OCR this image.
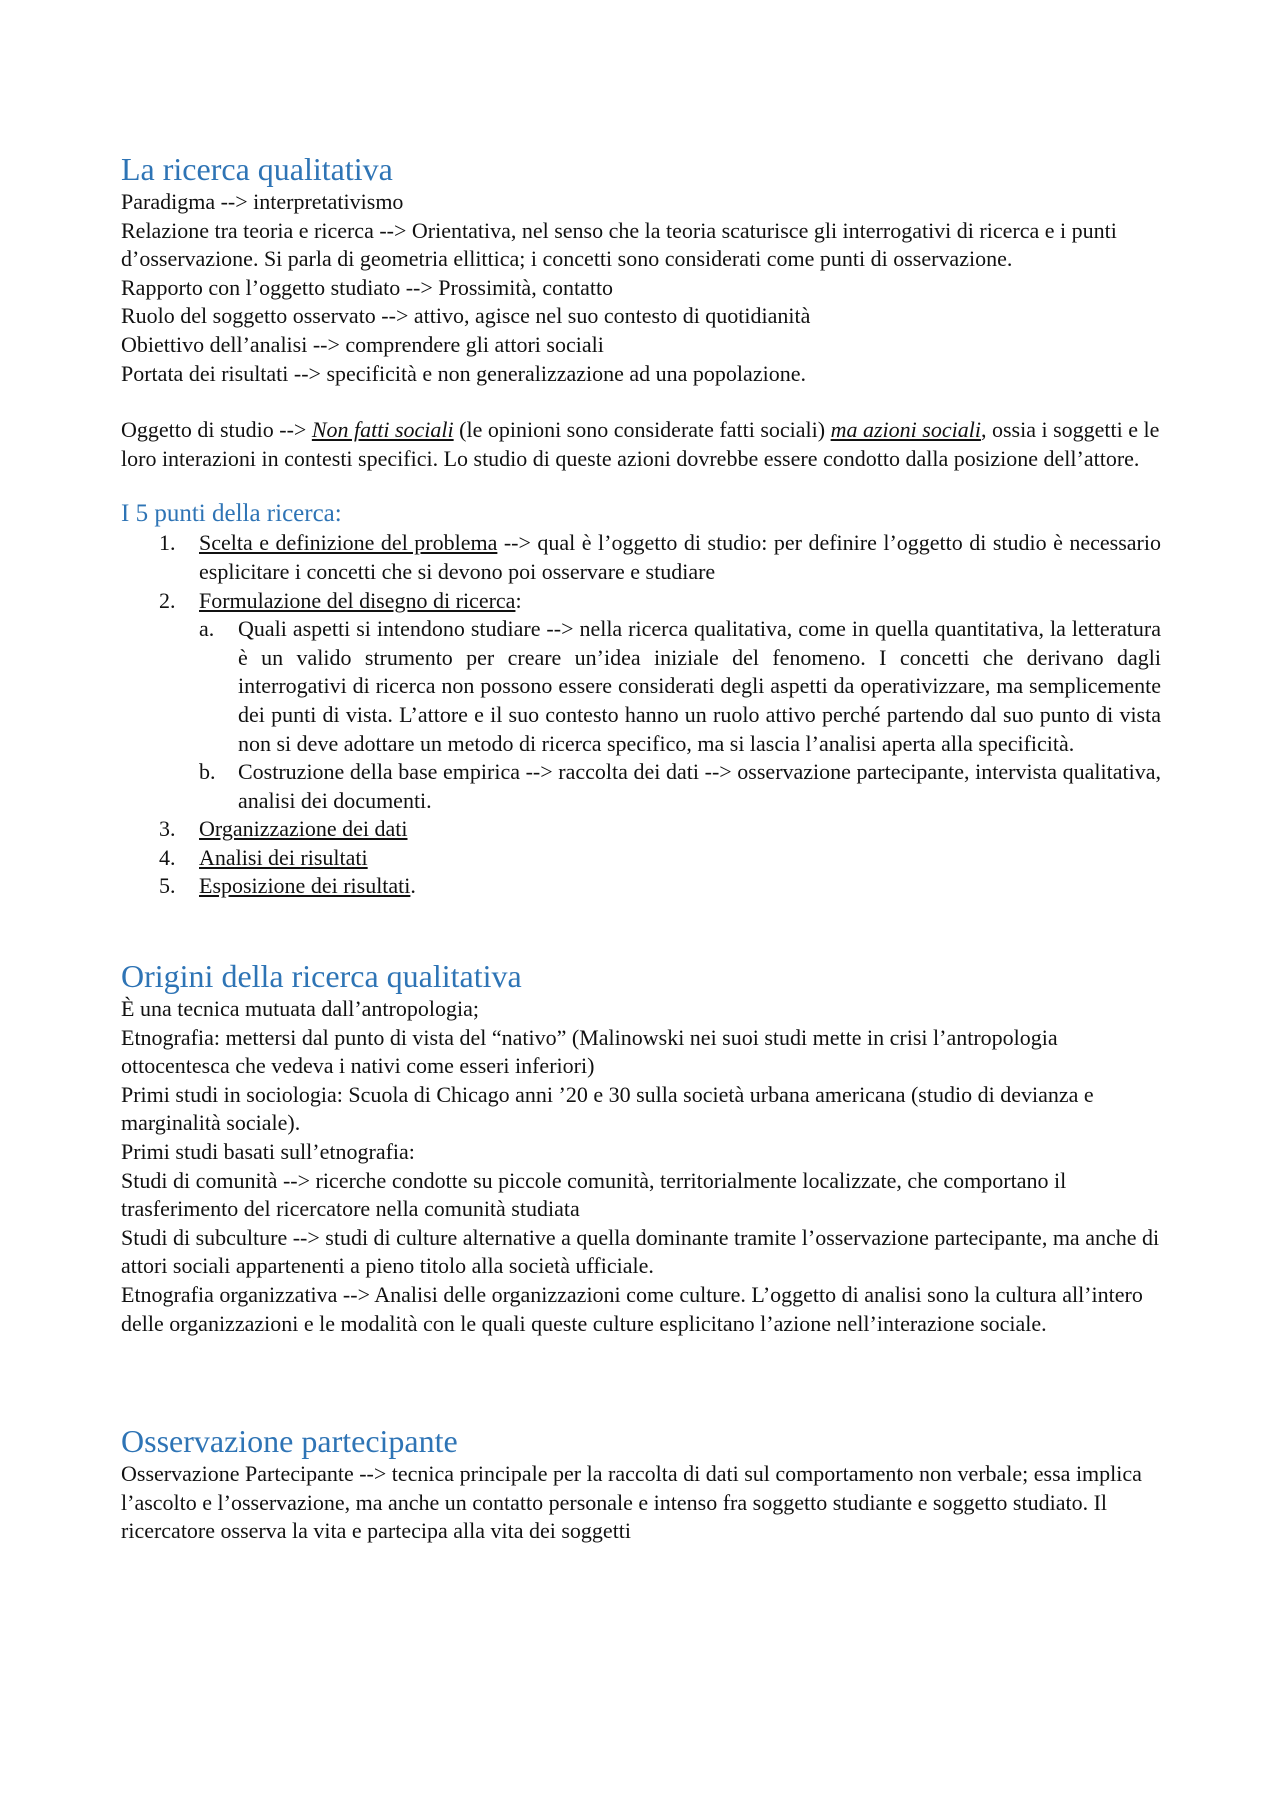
La ricerca qualitativa

Paradigma --> interpretativismo

Relazione tra teoria e ricerca --> Orientativa, nel senso che la teoria scaturisce gli interrogativi di ricerca e i punti d’osservazione. Si parla di geometria ellittica; i concetti sono considerati come punti di osservazione.

Rapporto con l’oggetto studiato --> Prossimità, contatto

Ruolo del soggetto osservato --> attivo, agisce nel suo contesto di quotidianità

Obiettivo dell’analisi --> comprendere gli attori sociali

Portata dei risultati --> specificità e non generalizzazione ad una popolazione.

Oggetto di studio --> Non fatti sociali (le opinioni sono considerate fatti sociali) ma azioni sociali, ossia i soggetti e le loro interazioni in contesti specifici. Lo studio di queste azioni dovrebbe essere condotto dalla posizione dell’attore.

I 5 punti della ricerca:
1. Scelta e definizione del problema --> qual è l’oggetto di studio: per definire l’oggetto di studio è necessario esplicitare i concetti che si devono poi osservare e studiare
2. Formulazione del disegno di ricerca:
a. Quali aspetti si intendono studiare --> nella ricerca qualitativa, come in quella quantitativa, la letteratura è un valido strumento per creare un’idea iniziale del fenomeno. I concetti che derivano dagli interrogativi di ricerca non possono essere considerati degli aspetti da operativizzare, ma semplicemente dei punti di vista. L’attore e il suo contesto hanno un ruolo attivo perché partendo dal suo punto di vista non si deve adottare un metodo di ricerca specifico, ma si lascia l’analisi aperta alla specificità.
b. Costruzione della base empirica --> raccolta dei dati --> osservazione partecipante, intervista qualitativa, analisi dei documenti.
3. Organizzazione dei dati
4. Analisi dei risultati
5. Esposizione dei risultati.
Origini della ricerca qualitativa

È una tecnica mutuata dall’antropologia;

Etnografia: mettersi dal punto di vista del “nativo” (Malinowski nei suoi studi mette in crisi l’antropologia ottocentesca che vedeva i nativi come esseri inferiori)

Primi studi in sociologia: Scuola di Chicago anni ’20 e 30 sulla società urbana americana (studio di devianza e marginalità sociale).

Primi studi basati sull’etnografia:

Studi di comunità --> ricerche condotte su piccole comunità, territorialmente localizzate, che comportano il trasferimento del ricercatore nella comunità studiata

Studi di subculture --> studi di culture alternative a quella dominante tramite l’osservazione partecipante, ma anche di attori sociali appartenenti a pieno titolo alla società ufficiale.

Etnografia organizzativa --> Analisi delle organizzazioni come culture. L’oggetto di analisi sono la cultura all’intero delle organizzazioni e le modalità con le quali queste culture esplicitano l’azione nell’interazione sociale.

Osservazione partecipante

Osservazione Partecipante --> tecnica principale per la raccolta di dati sul comportamento non verbale; essa implica l’ascolto e l’osservazione, ma anche un contatto personale e intenso fra soggetto studiante e soggetto studiato. Il ricercatore osserva la vita e partecipa alla vita dei soggetti
